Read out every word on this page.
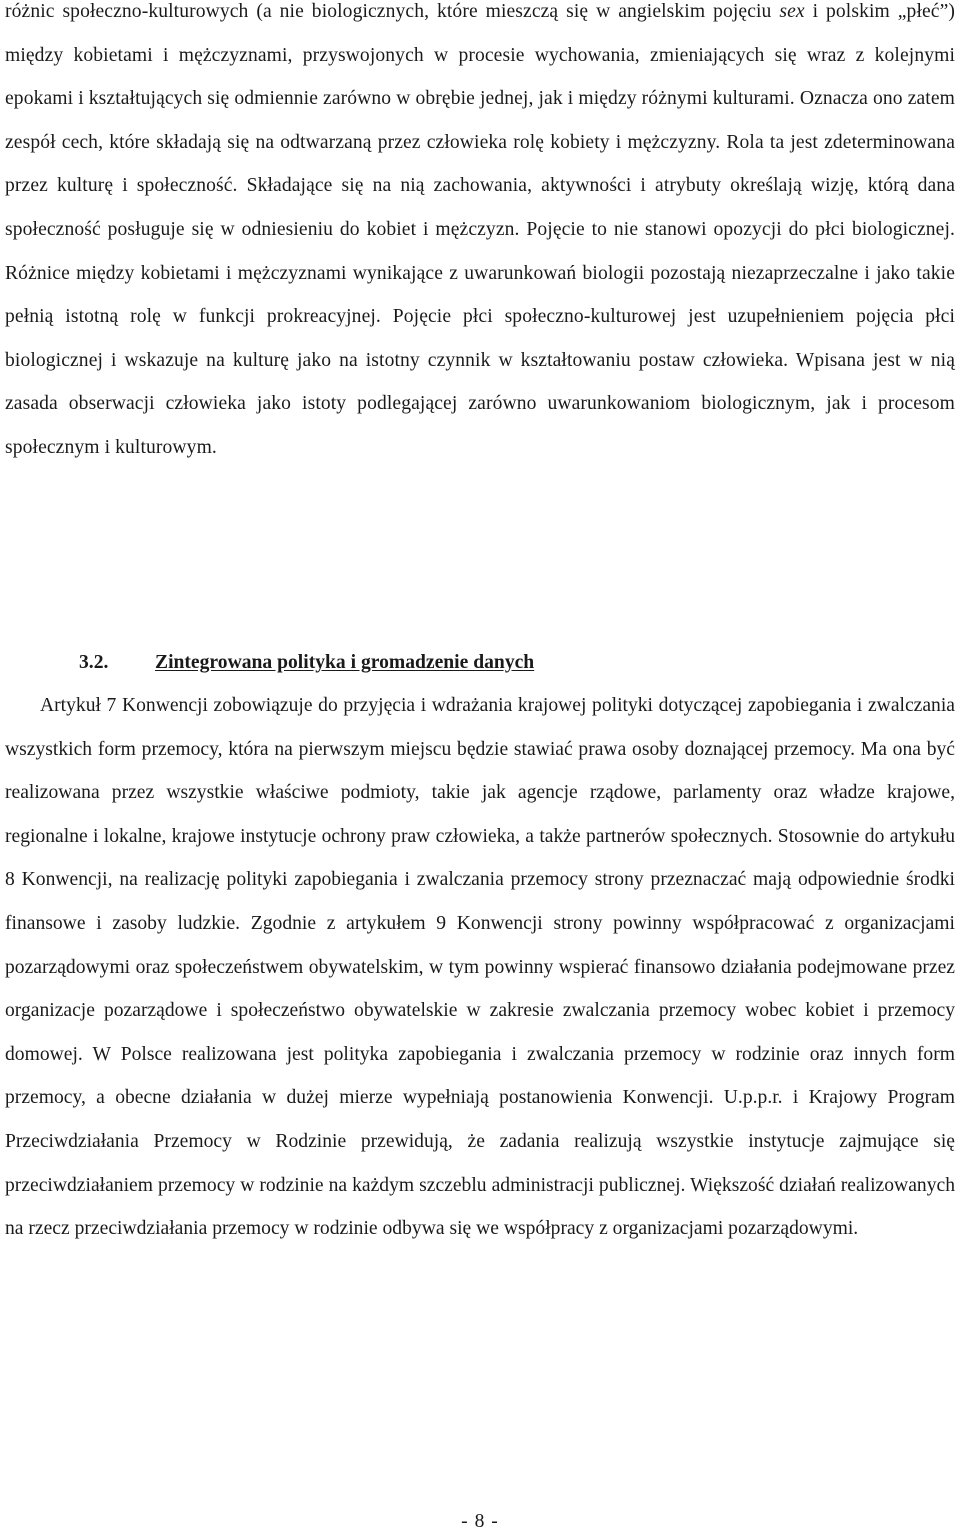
różnic społeczno-kulturowych (a nie biologicznych, które mieszczą się w angielskim pojęciu sex i polskim „płeć”) między kobietami i mężczyznami, przyswojonych w procesie wychowania, zmieniających się wraz z kolejnymi epokami i kształtujących się odmiennie zarówno w obrębie jednej, jak i między różnymi kulturami. Oznacza ono zatem zespół cech, które składają się na odtwarzaną przez człowieka rolę kobiety i mężczyzny. Rola ta jest zdeterminowana przez kulturę i społeczność. Składające się na nią zachowania, aktywności i atrybuty określają wizję, którą dana społeczność posługuje się w odniesieniu do kobiet i mężczyzn. Pojęcie to nie stanowi opozycji do płci biologicznej. Różnice między kobietami i mężczyznami wynikające z uwarunkowań biologii pozostają niezaprzeczalne i jako takie pełnią istotną rolę w funkcji prokreacyjnej. Pojęcie płci społeczno-kulturowej jest uzupełnieniem pojęcia płci biologicznej i wskazuje na kulturę jako na istotny czynnik w kształtowaniu postaw człowieka. Wpisana jest w nią zasada obserwacji człowieka jako istoty podlegającej zarówno uwarunkowaniom biologicznym, jak i procesom społecznym i kulturowym.

3.2. Zintegrowana polityka i gromadzenie danych

Artykuł 7 Konwencji zobowiązuje do przyjęcia i wdrażania krajowej polityki dotyczącej zapobiegania i zwalczania wszystkich form przemocy, która na pierwszym miejscu będzie stawiać prawa osoby doznającej przemocy. Ma ona być realizowana przez wszystkie właściwe podmioty, takie jak agencje rządowe, parlamenty oraz władze krajowe, regionalne i lokalne, krajowe instytucje ochrony praw człowieka, a także partnerów społecznych. Stosownie do artykułu 8 Konwencji, na realizację polityki zapobiegania i zwalczania przemocy strony przeznaczać mają odpowiednie środki finansowe i zasoby ludzkie. Zgodnie z artykułem 9 Konwencji strony powinny współpracować z organizacjami pozarządowymi oraz społeczeństwem obywatelskim, w tym powinny wspierać finansowo działania podejmowane przez organizacje pozarządowe i społeczeństwo obywatelskie w zakresie zwalczania przemocy wobec kobiet i przemocy domowej. W Polsce realizowana jest polityka zapobiegania i zwalczania przemocy w rodzinie oraz innych form przemocy, a obecne działania w dużej mierze wypełniają postanowienia Konwencji. U.p.p.r. i Krajowy Program Przeciwdziałania Przemocy w Rodzinie przewidują, że zadania realizują wszystkie instytucje zajmujące się przeciwdziałaniem przemocy w rodzinie na każdym szczeblu administracji publicznej. Większość działań realizowanych na rzecz przeciwdziałania przemocy w rodzinie odbywa się we współpracy z organizacjami pozarządowymi.

- 8 -
